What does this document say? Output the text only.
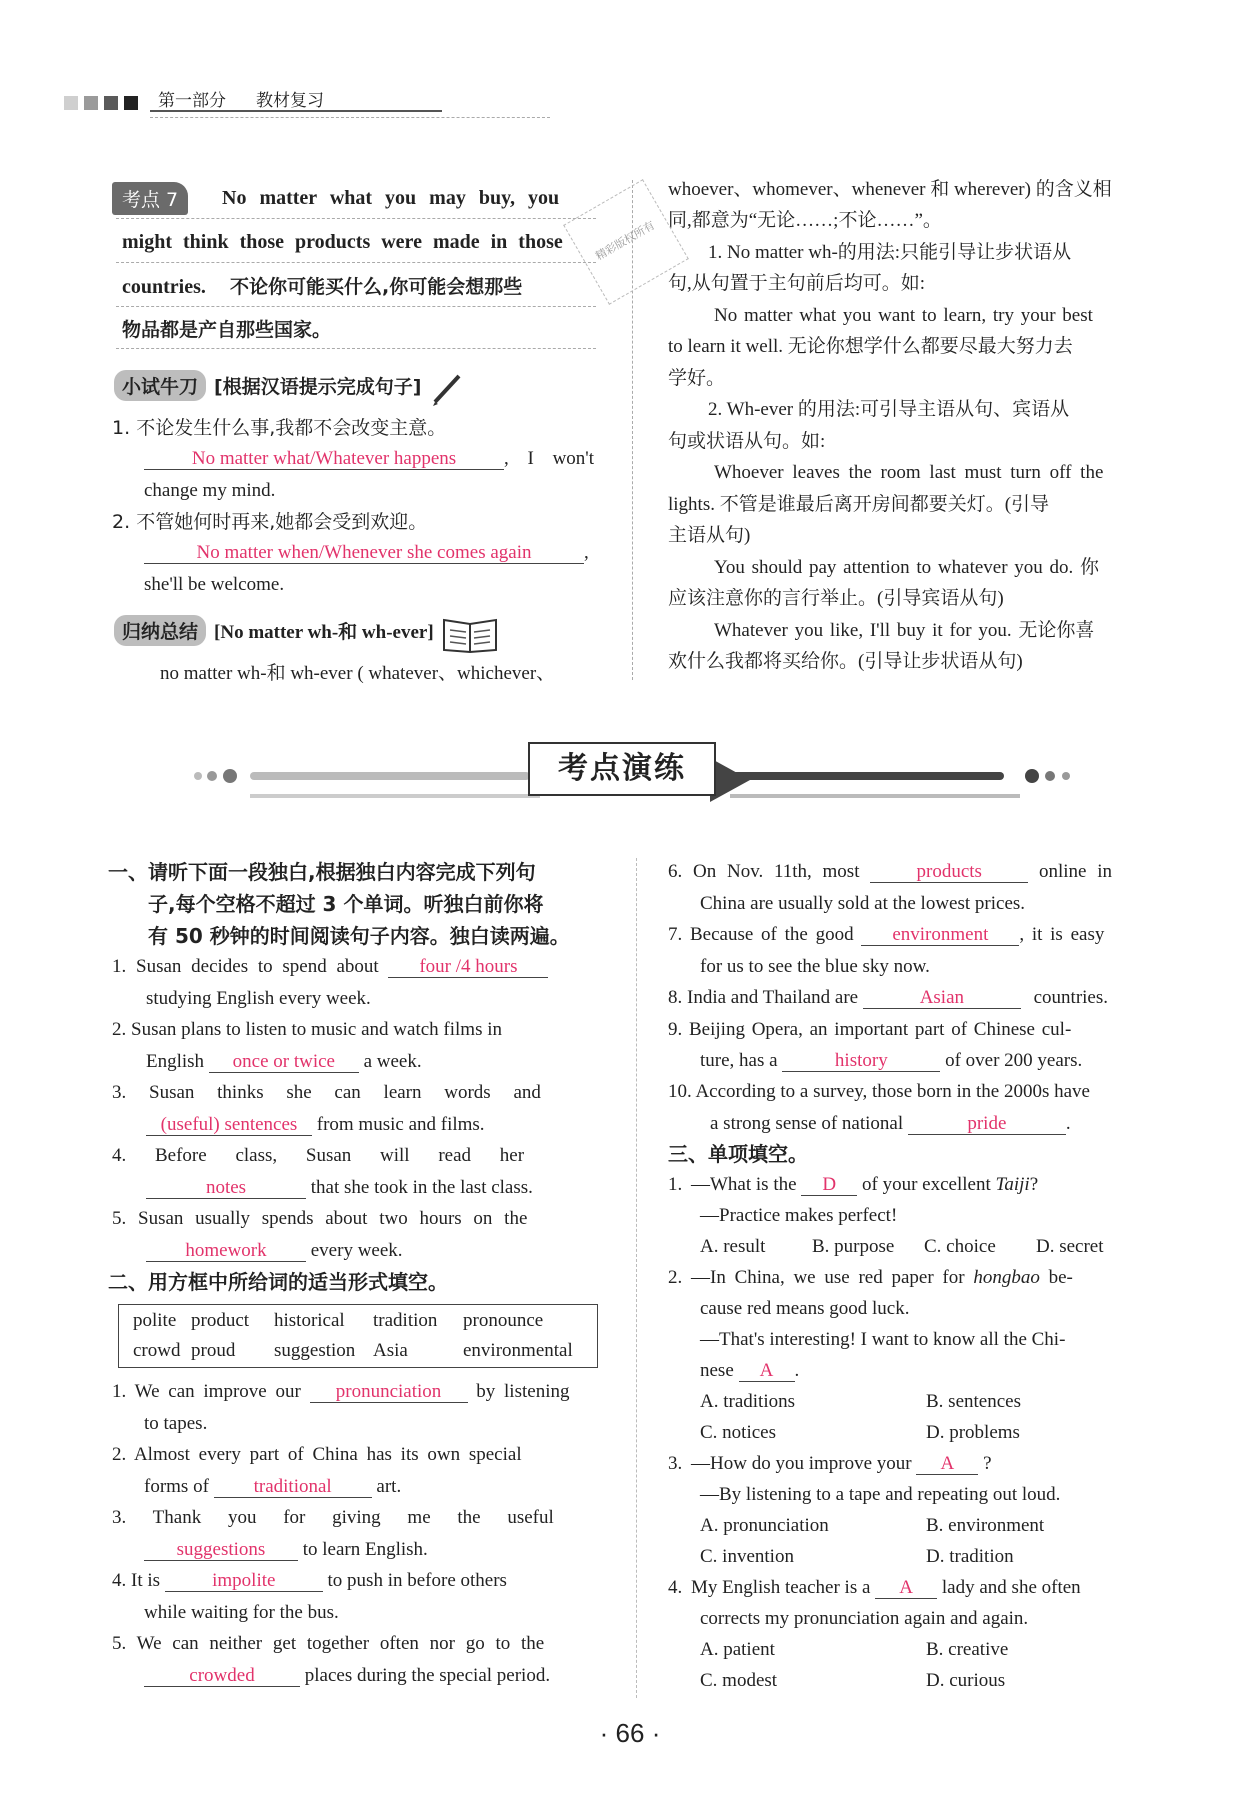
第一部分 教材复习
考点 7	No matter what you may buy, you
might think those products were made in those
countries. 不论你可能买什么,你可能会想那些
物品都是产自那些国家。
小试牛刀 [根据汉语提示完成句子]
1. 不论发生什么事,我都不会改变主意。
No matter what/Whatever happens	, I won't
change my mind.
2. 不管她何时再来,她都会受到欢迎。
No matter when/Whenever she comes again	,
she'll be welcome.
归纳总结 [No matter wh-和 wh-ever]
no matter wh-和 wh-ever ( whatever、whichever、
whoever、whomever、whenever 和 wherever) 的含义相
同,都意为“无论……;不论……”。
1. No matter wh-的用法:只能引导让步状语从
句,从句置于主句前后均可。如:
No matter what you want to learn, try your best
to learn it well. 无论你想学什么都要尽最大努力去
学好。
2. Wh-ever 的用法:可引导主语从句、宾语从
句或状语从句。如:
Whoever leaves the room last must turn off the
lights. 不管是谁最后离开房间都要关灯。(引导
主语从句)
You should pay attention to whatever you do. 你
应该注意你的言行举止。(引导宾语从句)
Whatever you like, I'll buy it for you. 无论你喜
欢什么我都将买给你。(引导让步状语从句)
精彩版权所有
考点演练
一、请听下面一段独白,根据独白内容完成下列句
子,每个空格不超过 3 个单词。听独白前你将
有 50 秒钟的时间阅读句子内容。独白读两遍。
1. Susan decides to spend about four /4 hours
studying English every week.
2. Susan plans to listen to music and watch films in
English once or twice a week.
3. Susan thinks she can learn words and
(useful) sentences from music and films.
4. Before class, Susan will read her
notes	that she took in the last class.
5. Susan usually spends about two hours on the
homework every week.
二、用方框中所给词的适当形式填空。
polite product historical tradition pronounce
crowd proud suggestion Asia	environmental
1. We can improve our pronunciation by listening
to tapes.
2. Almost every part of China has its own special
forms of traditional art.
3. Thank you for giving me the useful
suggestions to learn English.
4. It is	impolite	to push in before others
while waiting for the bus.
5. We can neither get together often nor go to the
crowded	places during the special period.
6. On Nov. 11th, most	products	online in
China are usually sold at the lowest prices.
7. Because of the good environment , it is easy
for us to see the blue sky now.
8. India and Thailand are	Asian	countries.
9. Beijing Opera, an important part of Chinese cul-
ture, has a	history	of over 200 years.
10. According to a survey, those born in the 2000s have
a strong sense of national	pride	.
三、单项填空。
1. —What is the D of your excellent Taiji?
—Practice makes perfect!
A. result B. purpose C. choice D. secret
2. —In China, we use red paper for hongbao be-
cause red means good luck.
—That's interesting! I want to know all the Chi-
nese A .
A. traditions	B. sentences
C. notices	D. problems
3. —How do you improve your A ?
—By listening to a tape and repeating out loud.
A. pronunciation	B. environment
C. invention	D. tradition
4. My English teacher is a A lady and she often
corrects my pronunciation again and again.
A. patient	B. creative
C. modest	D. curious
· 66 ·
